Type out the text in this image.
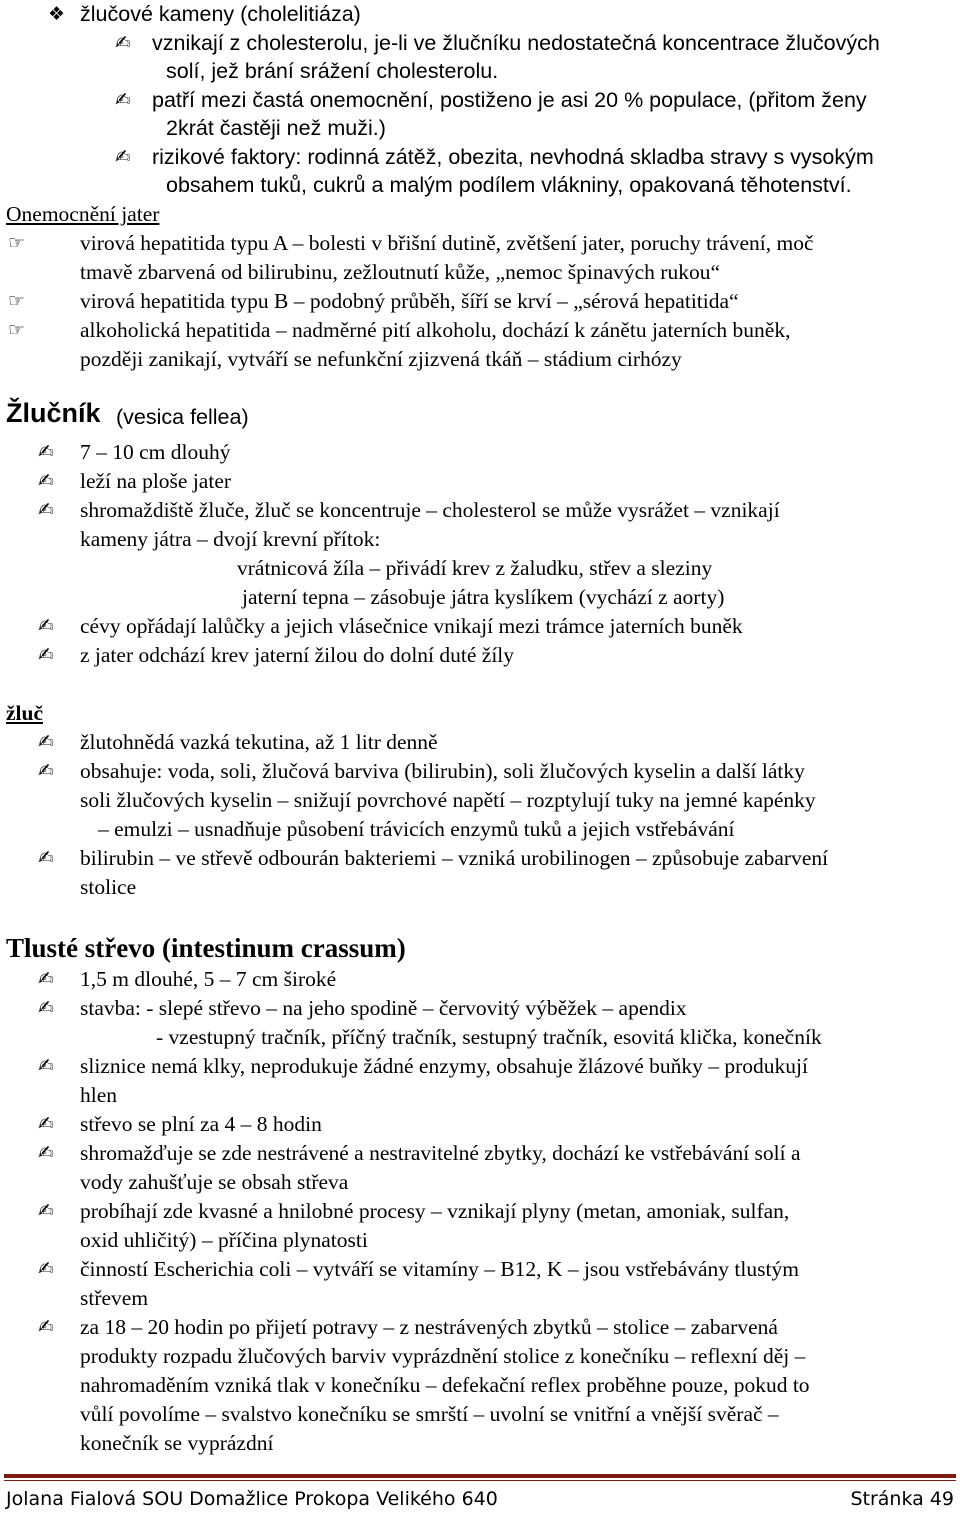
❖ žlučové kameny (cholelitiáza)
✍ vznikají z cholesterolu, je-li ve žlučníku nedostatečná koncentrace žlučových
solí, jež brání srážení cholesterolu.
✍ patří mezi častá onemocnění, postiženo je asi 20 % populace, (přitom ženy
2krát častěji než muži.)
✍ rizikové faktory: rodinná zátěž, obezita, nevhodná skladba stravy s vysokým
obsahem tuků, cukrů a malým podílem vlákniny, opakovaná těhotenství.
Onemocnění jater
☞	virová hepatitida typu A – bolesti v břišní dutině, zvětšení jater, poruchy trávení, moč
tmavě zbarvená od bilirubinu, zežloutnutí kůže, „nemoc špinavých rukou“
☞	virová hepatitida typu B – podobný průběh, šíří se krví – „sérová hepatitida“
☞	alkoholická hepatitida – nadměrné pití alkoholu, dochází k zánětu jaterních buněk,
později zanikají, vytváří se nefunkční zjizvená tkáň – stádium cirhózy
Žlučník (vesica fellea)
✍ 7 – 10 cm dlouhý
✍ leží na ploše jater
✍ shromaždiště žluče, žluč se koncentruje – cholesterol se může vysrážet – vznikají
kameny játra – dvojí krevní přítok:
vrátnicová žíla – přivádí krev z žaludku, střev a sleziny
jaterní tepna – zásobuje játra kyslíkem (vychází z aorty)
✍ cévy opřádají lalůčky a jejich vlásečnice vnikají mezi trámce jaterních buněk
✍ z jater odchází krev jaterní žilou do dolní duté žíly
žluč
✍ žlutohnědá vazká tekutina, až 1 litr denně
✍ obsahuje: voda, soli, žlučová barviva (bilirubin), soli žlučových kyselin a další látky
soli žlučových kyselin – snižují povrchové napětí – rozptylují tuky na jemné kapénky
– emulzi – usnadňuje působení trávicích enzymů tuků a jejich vstřebávání
✍ bilirubin – ve střevě odbourán bakteriemi – vzniká urobilinogen – způsobuje zabarvení
stolice
Tlusté střevo (intestinum crassum)
✍ 1,5 m dlouhé, 5 – 7 cm široké
✍ stavba: - slepé střevo – na jeho spodině – červovitý výběžek – apendix
- vzestupný tračník, příčný tračník, sestupný tračník, esovitá klička, konečník
✍ sliznice nemá klky, neprodukuje žádné enzymy, obsahuje žlázové buňky – produkují
hlen
✍ střevo se plní za 4 – 8 hodin
✍ shromažďuje se zde nestrávené a nestravitelné zbytky, dochází ke vstřebávání solí a
vody zahušťuje se obsah střeva
✍ probíhají zde kvasné a hnilobné procesy – vznikají plyny (metan, amoniak, sulfan,
oxid uhličitý) – příčina plynatosti
✍ činností Escherichia coli – vytváří se vitamíny – B12, K – jsou vstřebávány tlustým
střevem
✍ za 18 – 20 hodin po přijetí potravy – z nestrávených zbytků – stolice – zabarvená
produkty rozpadu žlučových barviv vyprázdnění stolice z konečníku – reflexní děj –
nahromaděním vzniká tlak v konečníku – defekační reflex proběhne pouze, pokud to
vůlí povolíme – svalstvo konečníku se smrští – uvolní se vnitřní a vnější svěrač –
konečník se vyprázdní
Jolana Fialová SOU Domažlice Prokopa Velikého 640	Stránka 49
